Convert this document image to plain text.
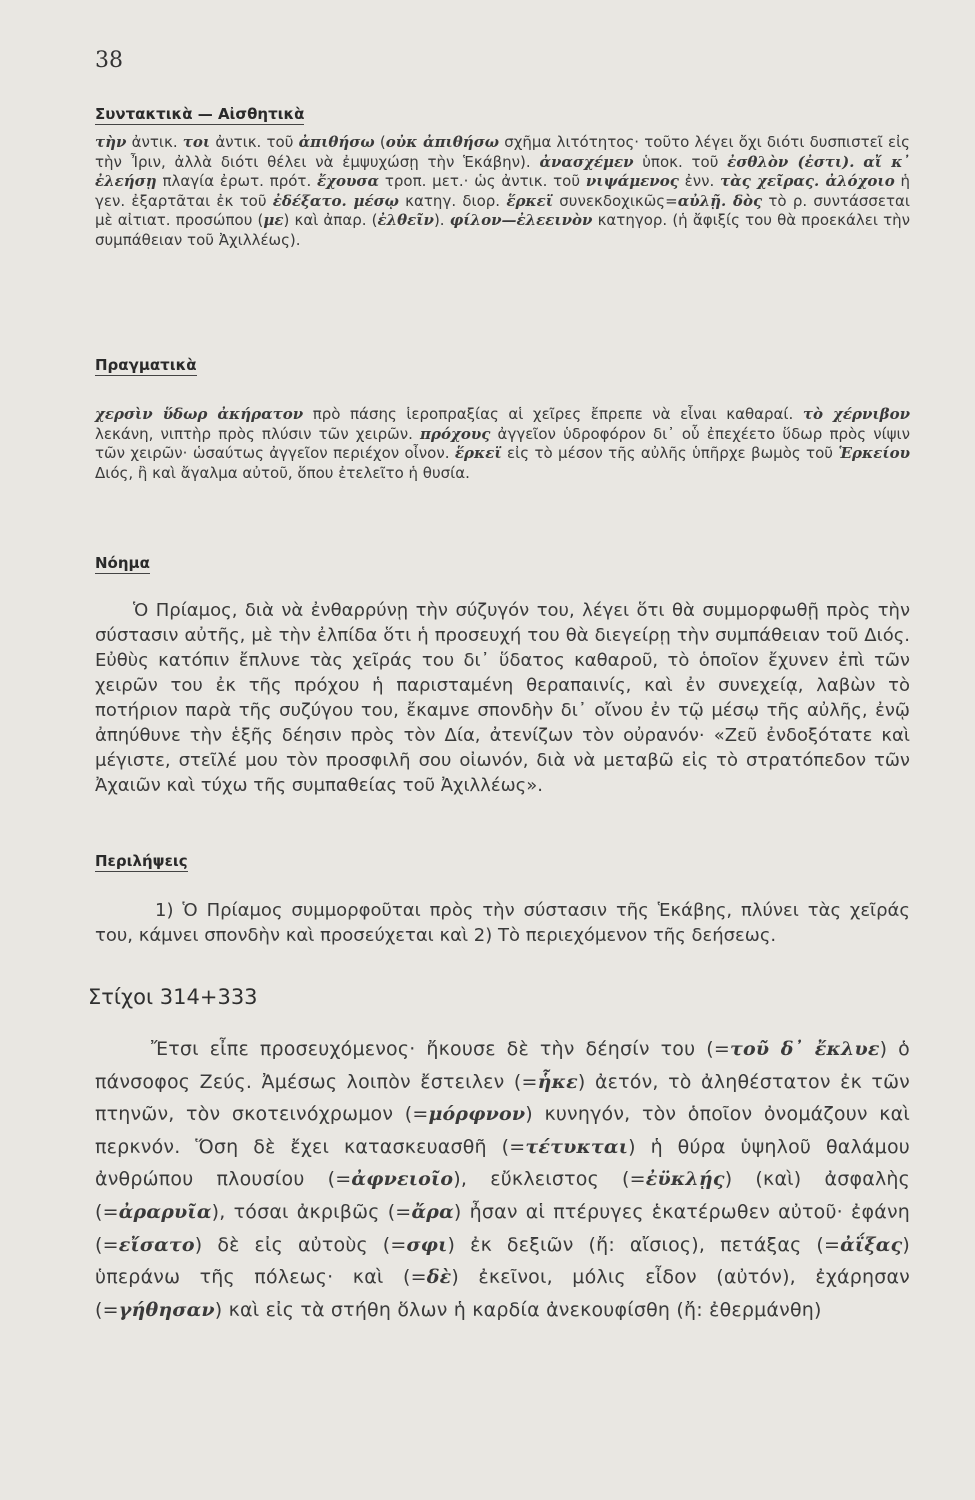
38
Συντακτικὰ — Αἰσθητικὰ
τὴν ἀντικ. τοι ἀντικ. τοῦ ἀπιθήσω (οὐκ ἀπιθήσω σχῆμα λιτότητος· τοῦτο λέγει ὄχι διότι δυσπιστεῖ εἰς τὴν Ἶριν, ἀλλὰ διότι θέλει νὰ ἐμψυχώσῃ τὴν Ἑκάβην). ἀνασχέμεν ὑποκ. τοῦ ἐσθλὸν (ἐστι). αἴ κ᾽ ἐλεήσῃ πλαγία ἐρωτ. πρότ. ἔχουσα τροπ. μετ.· ὡς ἀντικ. τοῦ νιψάμενος ἐνν. τὰς χεῖρας. ἀλόχοιο ἡ γεν. ἐξαρτᾶται ἐκ τοῦ ἐδέξατο. μέσῳ κατηγ. διορ. ἕρκεϊ συνεκδοχικῶς=αὐλῇ. δὸς τὸ ρ. συντάσσεται μὲ αἰτιατ. προσώπου (με) καὶ ἀπαρ. (ἐλθεῖν). φίλον—ἐλεεινὸν κατηγορ. (ἡ ἄφιξίς του θὰ προεκάλει τὴν συμπάθειαν τοῦ Ἀχιλλέως).
Πραγματικὰ
χερσὶν ὕδωρ ἀκήρατον πρὸ πάσης ἱεροπραξίας αἱ χεῖρες ἔπρεπε νὰ εἶναι καθαραί. τὸ χέρνιβον λεκάνη, νιπτὴρ πρὸς πλύσιν τῶν χειρῶν. πρόχους ἀγγεῖον ὑδροφόρον δι᾽ οὗ ἐπεχέετο ὕδωρ πρὸς νίψιν τῶν χειρῶν· ὡσαύτως ἀγγεῖον περιέχον οἶνον. ἕρκεϊ εἰς τὸ μέσον τῆς αὐλῆς ὑπῆρχε βωμὸς τοῦ Ἑρκείου Διός, ἢ καὶ ἄγαλμα αὐτοῦ, ὅπου ἐτελεῖτο ἡ θυσία.
Νόημα

Ὁ Πρίαμος, διὰ νὰ ἐνθαρρύνῃ τὴν σύζυγόν του, λέγει ὅτι θὰ συμμορφωθῇ πρὸς τὴν σύστασιν αὐτῆς, μὲ τὴν ἐλπίδα ὅτι ἡ προσευχή του θὰ διεγείρῃ τὴν συμπάθειαν τοῦ Διός. Εὐθὺς κατόπιν ἔπλυνε τὰς χεῖράς του δι᾽ ὕδατος καθαροῦ, τὸ ὁποῖον ἔχυνεν ἐπὶ τῶν χειρῶν του ἐκ τῆς πρόχου ἡ παρισταμένη θεραπαινίς, καὶ ἐν συνεχείᾳ, λαβὼν τὸ ποτήριον παρὰ τῆς συζύγου του, ἔκαμνε σπονδὴν δι᾽ οἴνου ἐν τῷ μέσῳ τῆς αὐλῆς, ἐνῷ ἀπηύθυνε τὴν ἑξῆς δέησιν πρὸς τὸν Δία, ἀτενίζων τὸν οὐρανόν· «Ζεῦ ἐνδοξότατε καὶ μέγιστε, στεῖλέ μου τὸν προσφιλῆ σου οἰωνόν, διὰ νὰ μεταβῶ εἰς τὸ στρατόπεδον τῶν Ἀχαιῶν καὶ τύχω τῆς συμπαθείας τοῦ Ἀχιλλέως».

Περιλήψεις

1) Ὁ Πρίαμος συμμορφοῦται πρὸς τὴν σύστασιν τῆς Ἑκάβης, πλύνει τὰς χεῖράς του, κάμνει σπονδὴν καὶ προσεύχεται καὶ 2) Τὸ περιεχόμενον τῆς δεήσεως.

Στίχοι 314+333

Ἔτσι εἶπε προσευχόμενος· ἤκουσε δὲ τὴν δέησίν του (=τοῦ δ᾽ ἔκλυε) ὁ πάνσοφος Ζεύς. Ἀμέσως λοιπὸν ἔστειλεν (=ἧκε) ἀετόν, τὸ ἀληθέστατον ἐκ τῶν πτηνῶν, τὸν σκοτεινόχρωμον (=μόρφνον) κυνηγόν, τὸν ὁποῖον ὀνομάζουν καὶ περκνόν. Ὅση δὲ ἔχει κατασκευασθῆ (=τέτυκται) ἡ θύρα ὑψηλοῦ θαλάμου ἀνθρώπου πλουσίου (=ἀφνειοῖο), εὔκλειστος (=ἐϋκλῄς) (καὶ) ἀσφαλὴς (=ἀραρυῖα), τόσαι ἀκριβῶς (=ἄρα) ἦσαν αἱ πτέρυγες ἑκατέρωθεν αὐτοῦ· ἐφάνη (=εἴσατο) δὲ εἰς αὐτοὺς (=σφι) ἐκ δεξιῶν (ἤ: αἴσιος), πετάξας (=ἀΐξας) ὑπεράνω τῆς πόλεως· καὶ (=δὲ) ἐκεῖνοι, μόλις εἶδον (αὐτόν), ἐχάρησαν (=γήθησαν) καὶ εἰς τὰ στήθη ὅλων ἡ καρδία ἀνεκουφίσθη (ἤ: ἐθερμάνθη)
